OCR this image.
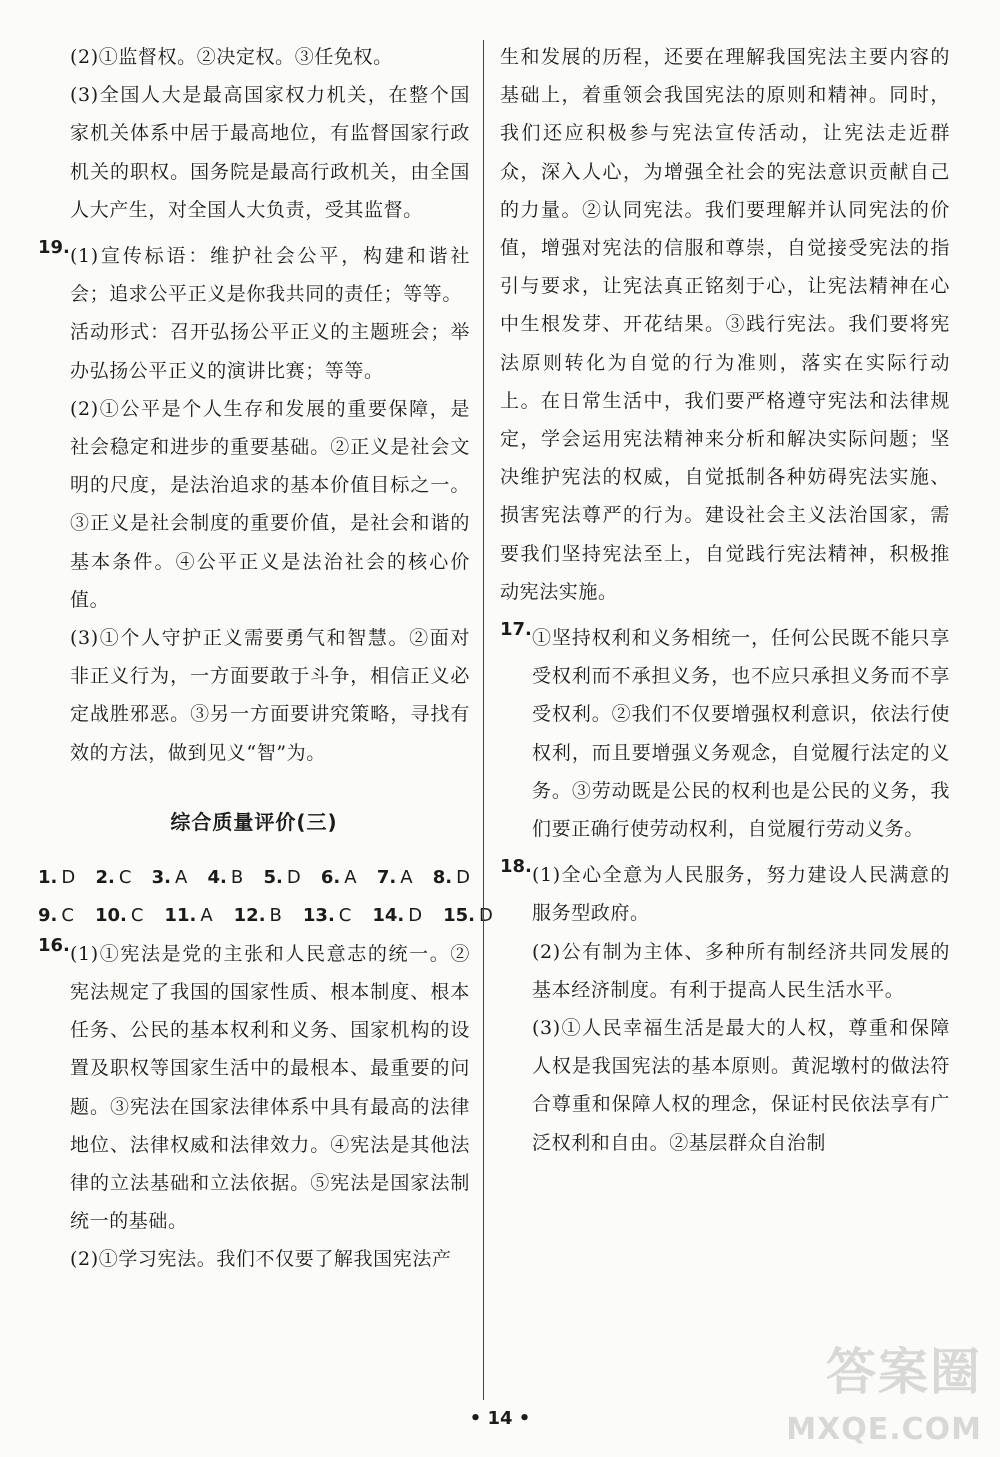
(2)①监督权。②决定权。③任免权。

(3)全国人大是最高国家权力机关，在整个国家机关体系中居于最高地位，有监督国家行政机关的职权。国务院是最高行政机关，由全国人大产生，对全国人大负责，受其监督。

19. (1)宣传标语：维护社会公平，构建和谐社会；追求公平正义是你我共同的责任；等等。

活动形式：召开弘扬公平正义的主题班会；举办弘扬公平正义的演讲比赛；等等。

(2)①公平是个人生存和发展的重要保障，是社会稳定和进步的重要基础。②正义是社会文明的尺度，是法治追求的基本价值目标之一。③正义是社会制度的重要价值，是社会和谐的基本条件。④公平正义是法治社会的核心价值。

(3)①个人守护正义需要勇气和智慧。②面对非正义行为，一方面要敢于斗争，相信正义必定战胜邪恶。③另一方面要讲究策略，寻找有效的方法，做到见义“智”为。

综合质量评价(三)
1. D 2. C 3. A 4. B 5. D 6. A 7. A 8. D
9. C 10. C 11. A 12. B 13. C 14. D 15. D
16. (1)①宪法是党的主张和人民意志的统一。②宪法规定了我国的国家性质、根本制度、根本任务、公民的基本权利和义务、国家机构的设置及职权等国家生活中的最根本、最重要的问题。③宪法在国家法律体系中具有最高的法律地位、法律权威和法律效力。④宪法是其他法律的立法基础和立法依据。⑤宪法是国家法制统一的基础。

(2)①学习宪法。我们不仅要了解我国宪法产

生和发展的历程，还要在理解我国宪法主要内容的基础上，着重领会我国宪法的原则和精神。同时，我们还应积极参与宪法宣传活动，让宪法走近群众，深入人心，为增强全社会的宪法意识贡献自己的力量。②认同宪法。我们要理解并认同宪法的价值，增强对宪法的信服和尊崇，自觉接受宪法的指引与要求，让宪法真正铭刻于心，让宪法精神在心中生根发芽、开花结果。③践行宪法。我们要将宪法原则转化为自觉的行为准则，落实在实际行动上。在日常生活中，我们要严格遵守宪法和法律规定，学会运用宪法精神来分析和解决实际问题；坚决维护宪法的权威，自觉抵制各种妨碍宪法实施、损害宪法尊严的行为。建设社会主义法治国家，需要我们坚持宪法至上，自觉践行宪法精神，积极推动宪法实施。

17. ①坚持权利和义务相统一，任何公民既不能只享受权利而不承担义务，也不应只承担义务而不享受权利。②我们不仅要增强权利意识，依法行使权利，而且要增强义务观念，自觉履行法定的义务。③劳动既是公民的权利也是公民的义务，我们要正确行使劳动权利，自觉履行劳动义务。

18. (1)全心全意为人民服务，努力建设人民满意的服务型政府。

(2)公有制为主体、多种所有制经济共同发展的基本经济制度。有利于提高人民生活水平。

(3)①人民幸福生活是最大的人权，尊重和保障人权是我国宪法的基本原则。黄泥墩村的做法符合尊重和保障人权的理念，保证村民依法享有广泛权利和自由。②基层群众自治制

• 14 •
答案圈
MXQE.COM
